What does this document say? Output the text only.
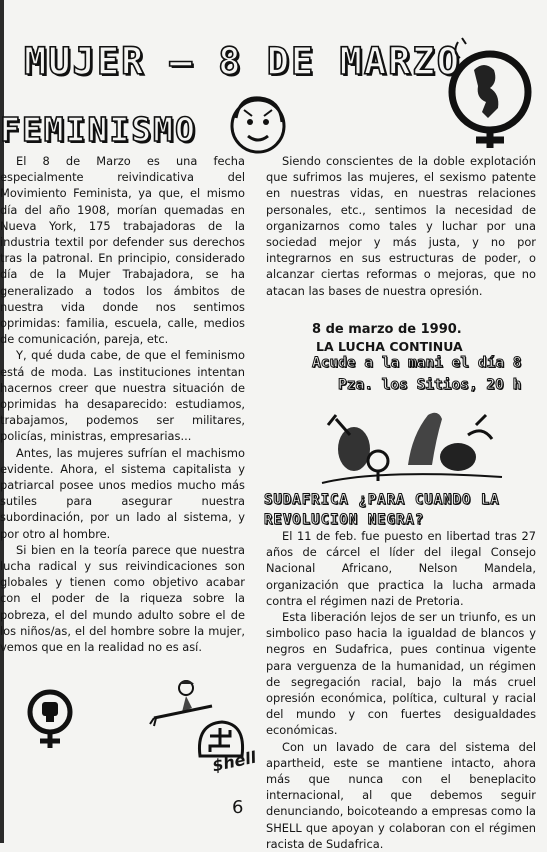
MUJER – 8 DE MARZO
FEMINISMO

El 8 de Marzo es una fecha especialmente reivindicativa del Movimiento Feminista, ya que, el mismo día del año 1908, morían quemadas en Nueva York, 175 trabajadoras de la industria textil por defender sus derechos tras la patronal. En principio, considerado día de la Mujer Trabajadora, se ha generalizado a todos los ámbitos de nuestra vida donde nos sentimos oprimidas: familia, escuela, calle, medios de comunicación, pareja, etc.

Y, qué duda cabe, de que el feminismo está de moda. Las instituciones intentan hacernos creer que nuestra situación de oprimidas ha desaparecido: estudiamos, trabajamos, podemos ser militares, policías, ministras, empresarias...

Antes, las mujeres sufrían el machismo evidente. Ahora, el sistema capitalista y patriarcal posee unos medios mucho más sutiles para asegurar nuestra subordinación, por un lado al sistema, y por otro al hombre.

Si bien en la teoría parece que nuestra lucha radical y sus reivindicaciones son globales y tienen como objetivo acabar con el poder de la riqueza sobre la pobreza, el del mundo adulto sobre el de los niños/as, el del hombre sobre la mujer, vemos que en la realidad no es así.

Siendo conscientes de la doble explotación que sufrimos las mujeres, el sexismo patente en nuestras vidas, en nuestras relaciones personales, etc., sentimos la necesidad de organizarnos como tales y luchar por una sociedad mejor y más justa, y no por integrarnos en sus estructuras de poder, o alcanzar ciertas reformas o mejoras, que no atacan las bases de nuestra opresión.

8 de marzo de 1990.
LA LUCHA CONTINUA
Acude a la mani el día 8
Pza. los Sitios, 20 h
SUDAFRICA ¿PARA CUANDO LA
REVOLUCION NEGRA?

El 11 de feb. fue puesto en libertad tras 27 años de cárcel el líder del ilegal Consejo Nacional Africano, Nelson Mandela, organización que practica la lucha armada contra el régimen nazi de Pretoria.

Esta liberación lejos de ser un triunfo, es un simbolico paso hacia la igualdad de blancos y negros en Sudafrica, pues continua vigente para verguenza de la humanidad, un régimen de segregación racial, bajo la más cruel opresión económica, política, cultural y racial del mundo y con fuertes desigualdades económicas.

Con un lavado de cara del sistema del apartheid, este se mantiene intacto, ahora más que nunca con el beneplacito internacional, al que debemos seguir denunciando, boicoteando a empresas como la SHELL que apoyan y colaboran con el régimen racista de Sudafrica.

$hell
6
